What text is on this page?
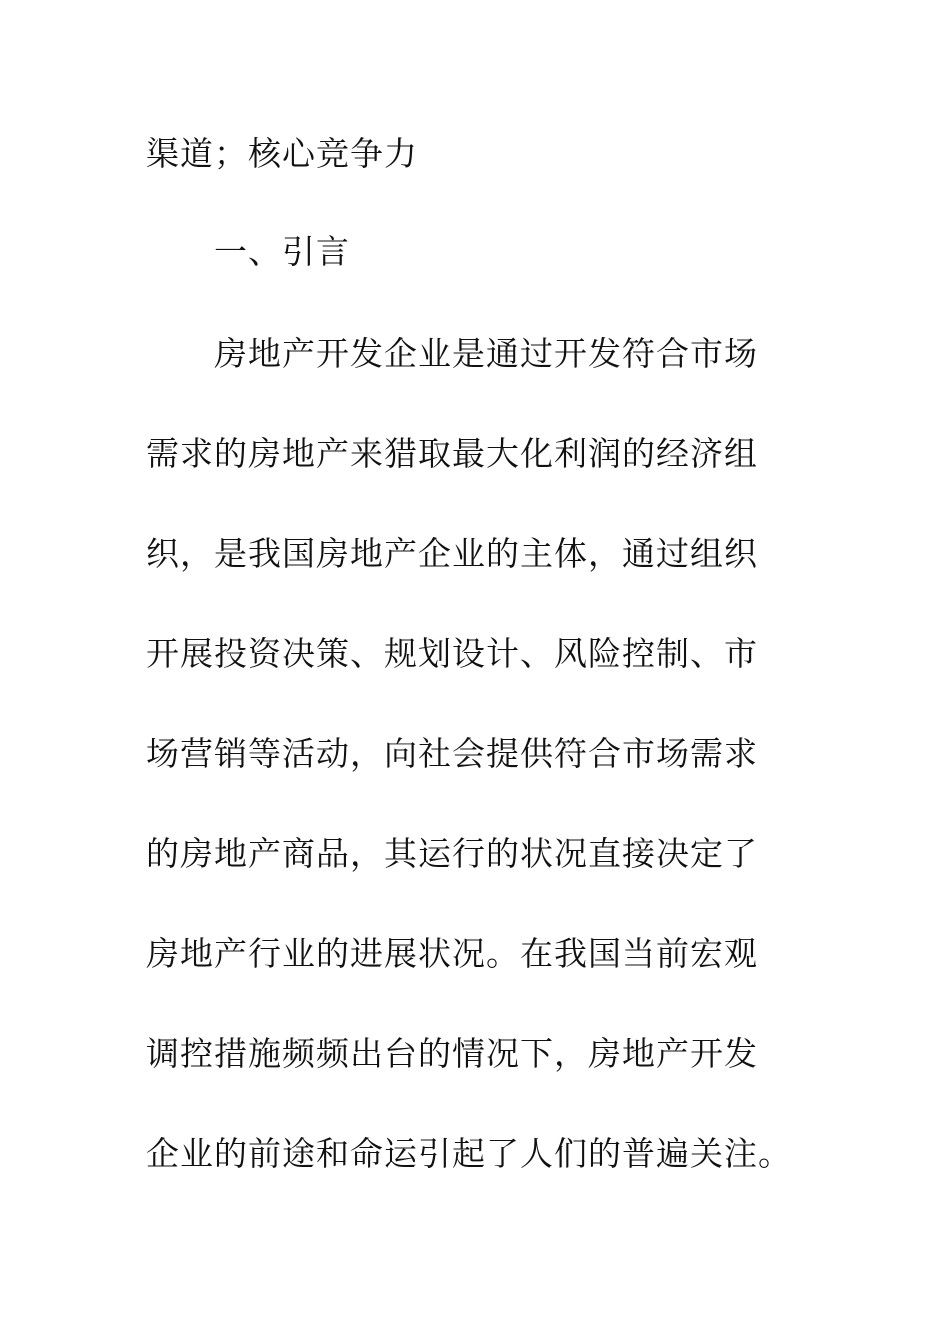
渠道；核心竞争力
一、引言
房地产开发企业是通过开发符合市场
需求的房地产来猎取最大化利润的经济组
织，是我国房地产企业的主体，通过组织
开展投资决策、规划设计、风险控制、市
场营销等活动，向社会提供符合市场需求
的房地产商品，其运行的状况直接决定了
房地产行业的进展状况。在我国当前宏观
调控措施频频出台的情况下，房地产开发
企业的前途和命运引起了人们的普遍关注。
